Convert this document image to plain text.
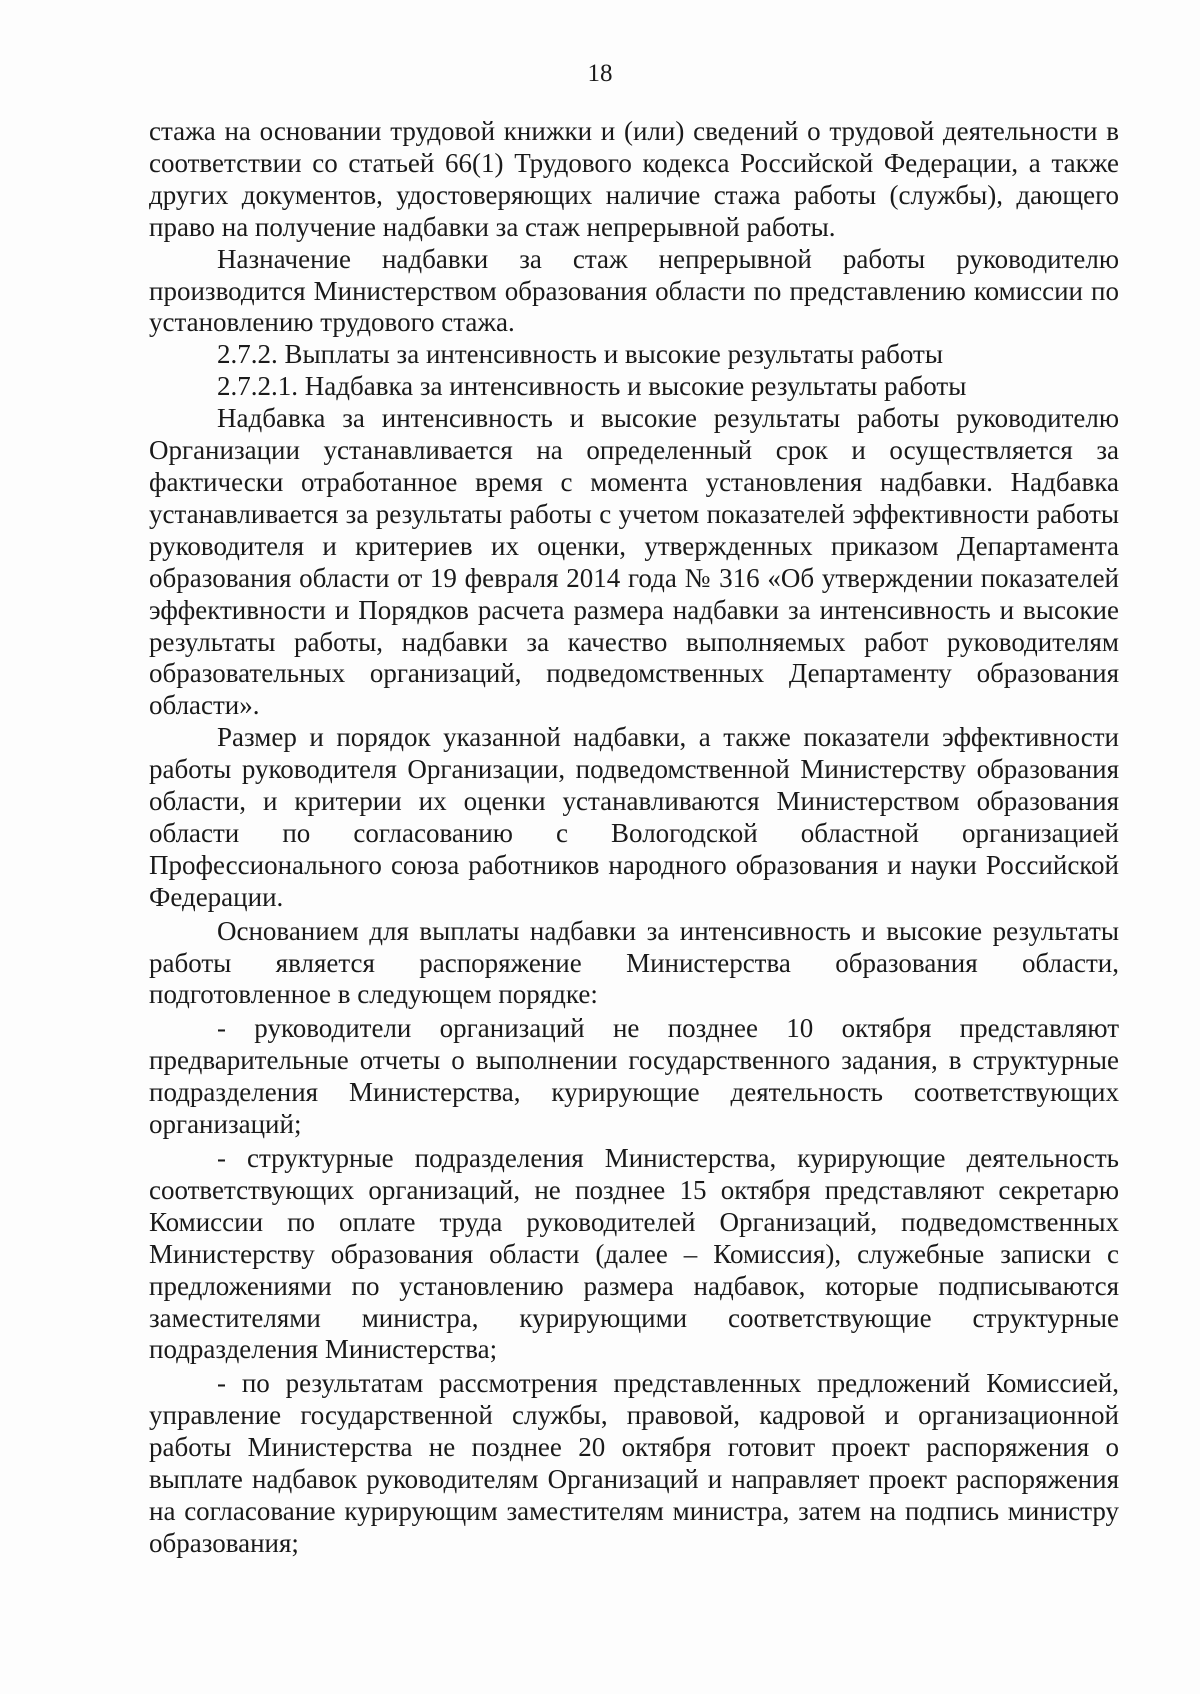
18

стажа на основании трудовой книжки и (или) сведений о трудовой деятельности в соответствии со статьей 66(1) Трудового кодекса Российской Федерации, а также других документов, удостоверяющих наличие стажа работы (службы), дающего право на получение надбавки за стаж непрерывной работы.

Назначение надбавки за стаж непрерывной работы руководителю производится Министерством образования области по представлению комиссии по установлению трудового стажа.

2.7.2. Выплаты за интенсивность и высокие результаты работы

2.7.2.1. Надбавка за интенсивность и высокие результаты работы

Надбавка за интенсивность и высокие результаты работы руководителю Организации устанавливается на определенный срок и осуществляется за фактически отработанное время с момента установления надбавки. Надбавка устанавливается за результаты работы с учетом показателей эффективности работы руководителя и критериев их оценки, утвержденных приказом Департамента образования области от 19 февраля 2014 года № 316 «Об утверждении показателей эффективности и Порядков расчета размера надбавки за интенсивность и высокие результаты работы, надбавки за качество выполняемых работ руководителям образовательных организаций, подведомственных Департаменту образования области».

Размер и порядок указанной надбавки, а также показатели эффективности работы руководителя Организации, подведомственной Министерству образования области, и критерии их оценки устанавливаются Министерством образования области по согласованию с Вологодской областной организацией Профессионального союза работников народного образования и науки Российской Федерации.

Основанием для выплаты надбавки за интенсивность и высокие результаты работы является распоряжение Министерства образования области, подготовленное в следующем порядке:

- руководители организаций не позднее 10 октября представляют предварительные отчеты о выполнении государственного задания, в структурные подразделения Министерства, курирующие деятельность соответствующих организаций;

- структурные подразделения Министерства, курирующие деятельность соответствующих организаций, не позднее 15 октября представляют секретарю Комиссии по оплате труда руководителей Организаций, подведомственных Министерству образования области (далее – Комиссия), служебные записки с предложениями по установлению размера надбавок, которые подписываются заместителями министра, курирующими соответствующие структурные подразделения Министерства;

- по результатам рассмотрения представленных предложений Комиссией, управление государственной службы, правовой, кадровой и организационной работы Министерства не позднее 20 октября готовит проект распоряжения о выплате надбавок руководителям Организаций и направляет проект распоряжения на согласование курирующим заместителям министра, затем на подпись министру образования;
